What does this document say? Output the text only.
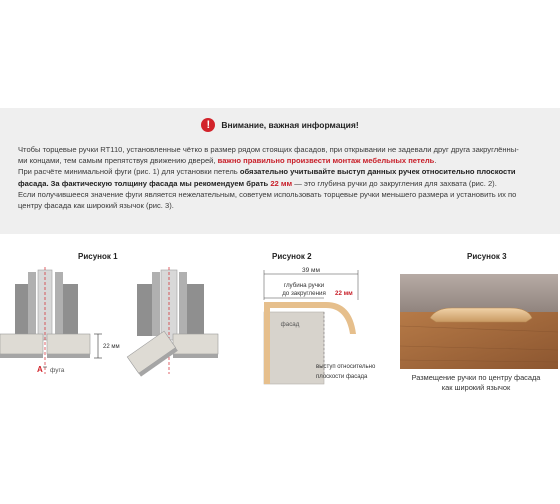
!	Внимание, важная информация!
Чтобы торцевые ручки RT110, установленные чётко в размер рядом стоящих фасадов, при открывании не задевали друг друга закруглённы-
ми концами, тем самым препятствуя движению дверей, важно правильно произвести монтаж мебельных петель.
При расчёте минимальной фуги (рис. 1) для установки петель обязательно учитывайте выступ данных ручек относительно плоскости
фасада. За фактическую толщину фасада мы рекомендуем брать 22 мм — это глубина ручки до закругления для захвата (рис. 2).
Если получившееся значение фуги является нежелательным, советуем использовать торцевые ручки меньшего размера и установить их по
центру фасада как широкий язычок (рис. 3).
Рисунок 1	Рисунок 2	Рисунок 3
A фуга
22 мм
39 мм
глубина ручки
до закругления 22 мм
фасад
выступ относительно
плоскости фасада	Размещение ручки по центру фасада
как широкий язычок
